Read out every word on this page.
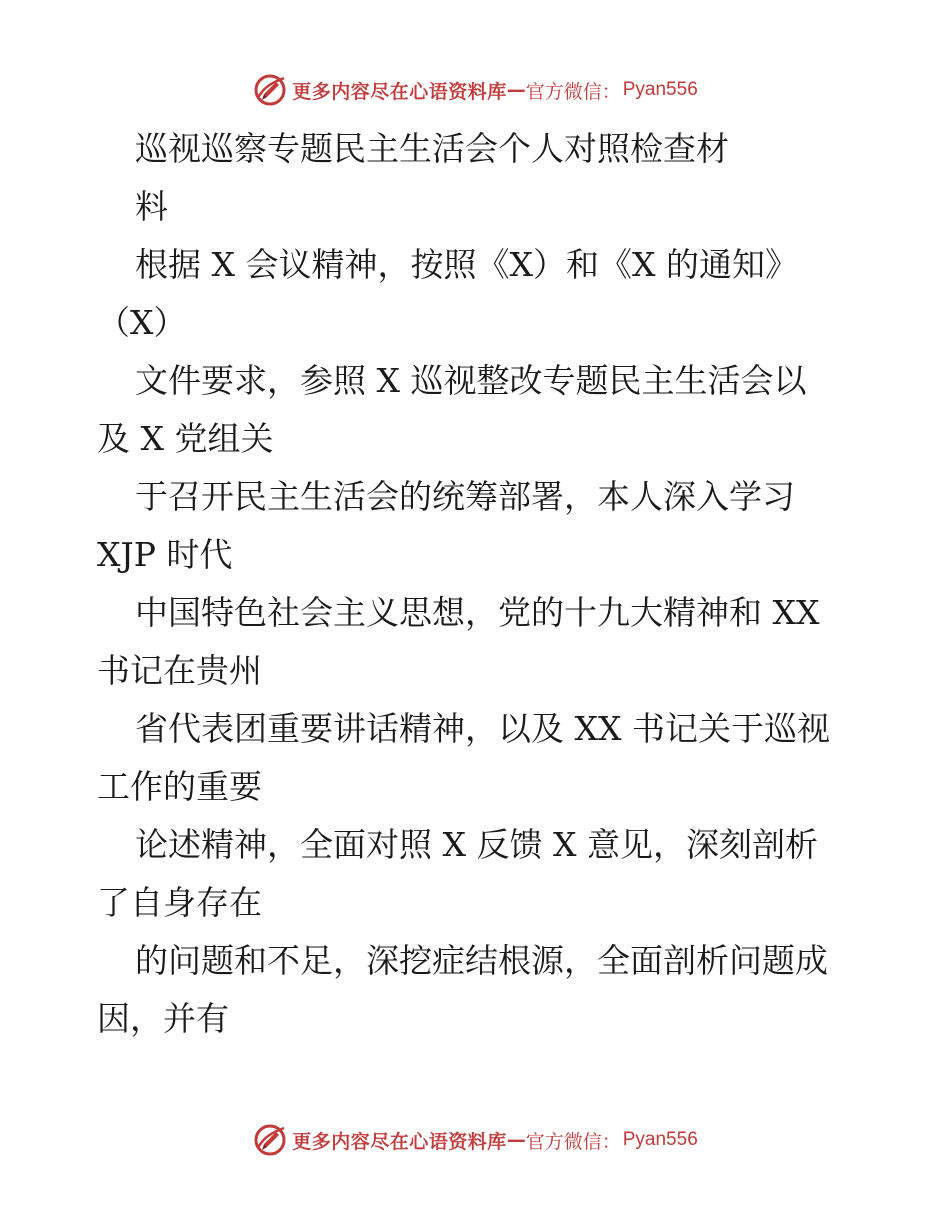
更多内容尽在心语资料库 — 官方微信： Pyan556
巡视巡察专题民主生活会个人对照检查材
料
根据 X 会议精神，按照《X）和《X 的通知》
（X）
文件要求，参照 X 巡视整改专题民主生活会以
及 X 党组关
于召开民主生活会的统筹部署，本人深入学习
XJP 时代
中国特色社会主义思想，党的十九大精神和 XX
书记在贵州
省代表团重要讲话精神，以及 XX 书记关于巡视
工作的重要
论述精神，全面对照 X 反馈 X 意见，深刻剖析
了自身存在
的问题和不足，深挖症结根源，全面剖析问题成
因，并有
更多内容尽在心语资料库 — 官方微信： Pyan556
